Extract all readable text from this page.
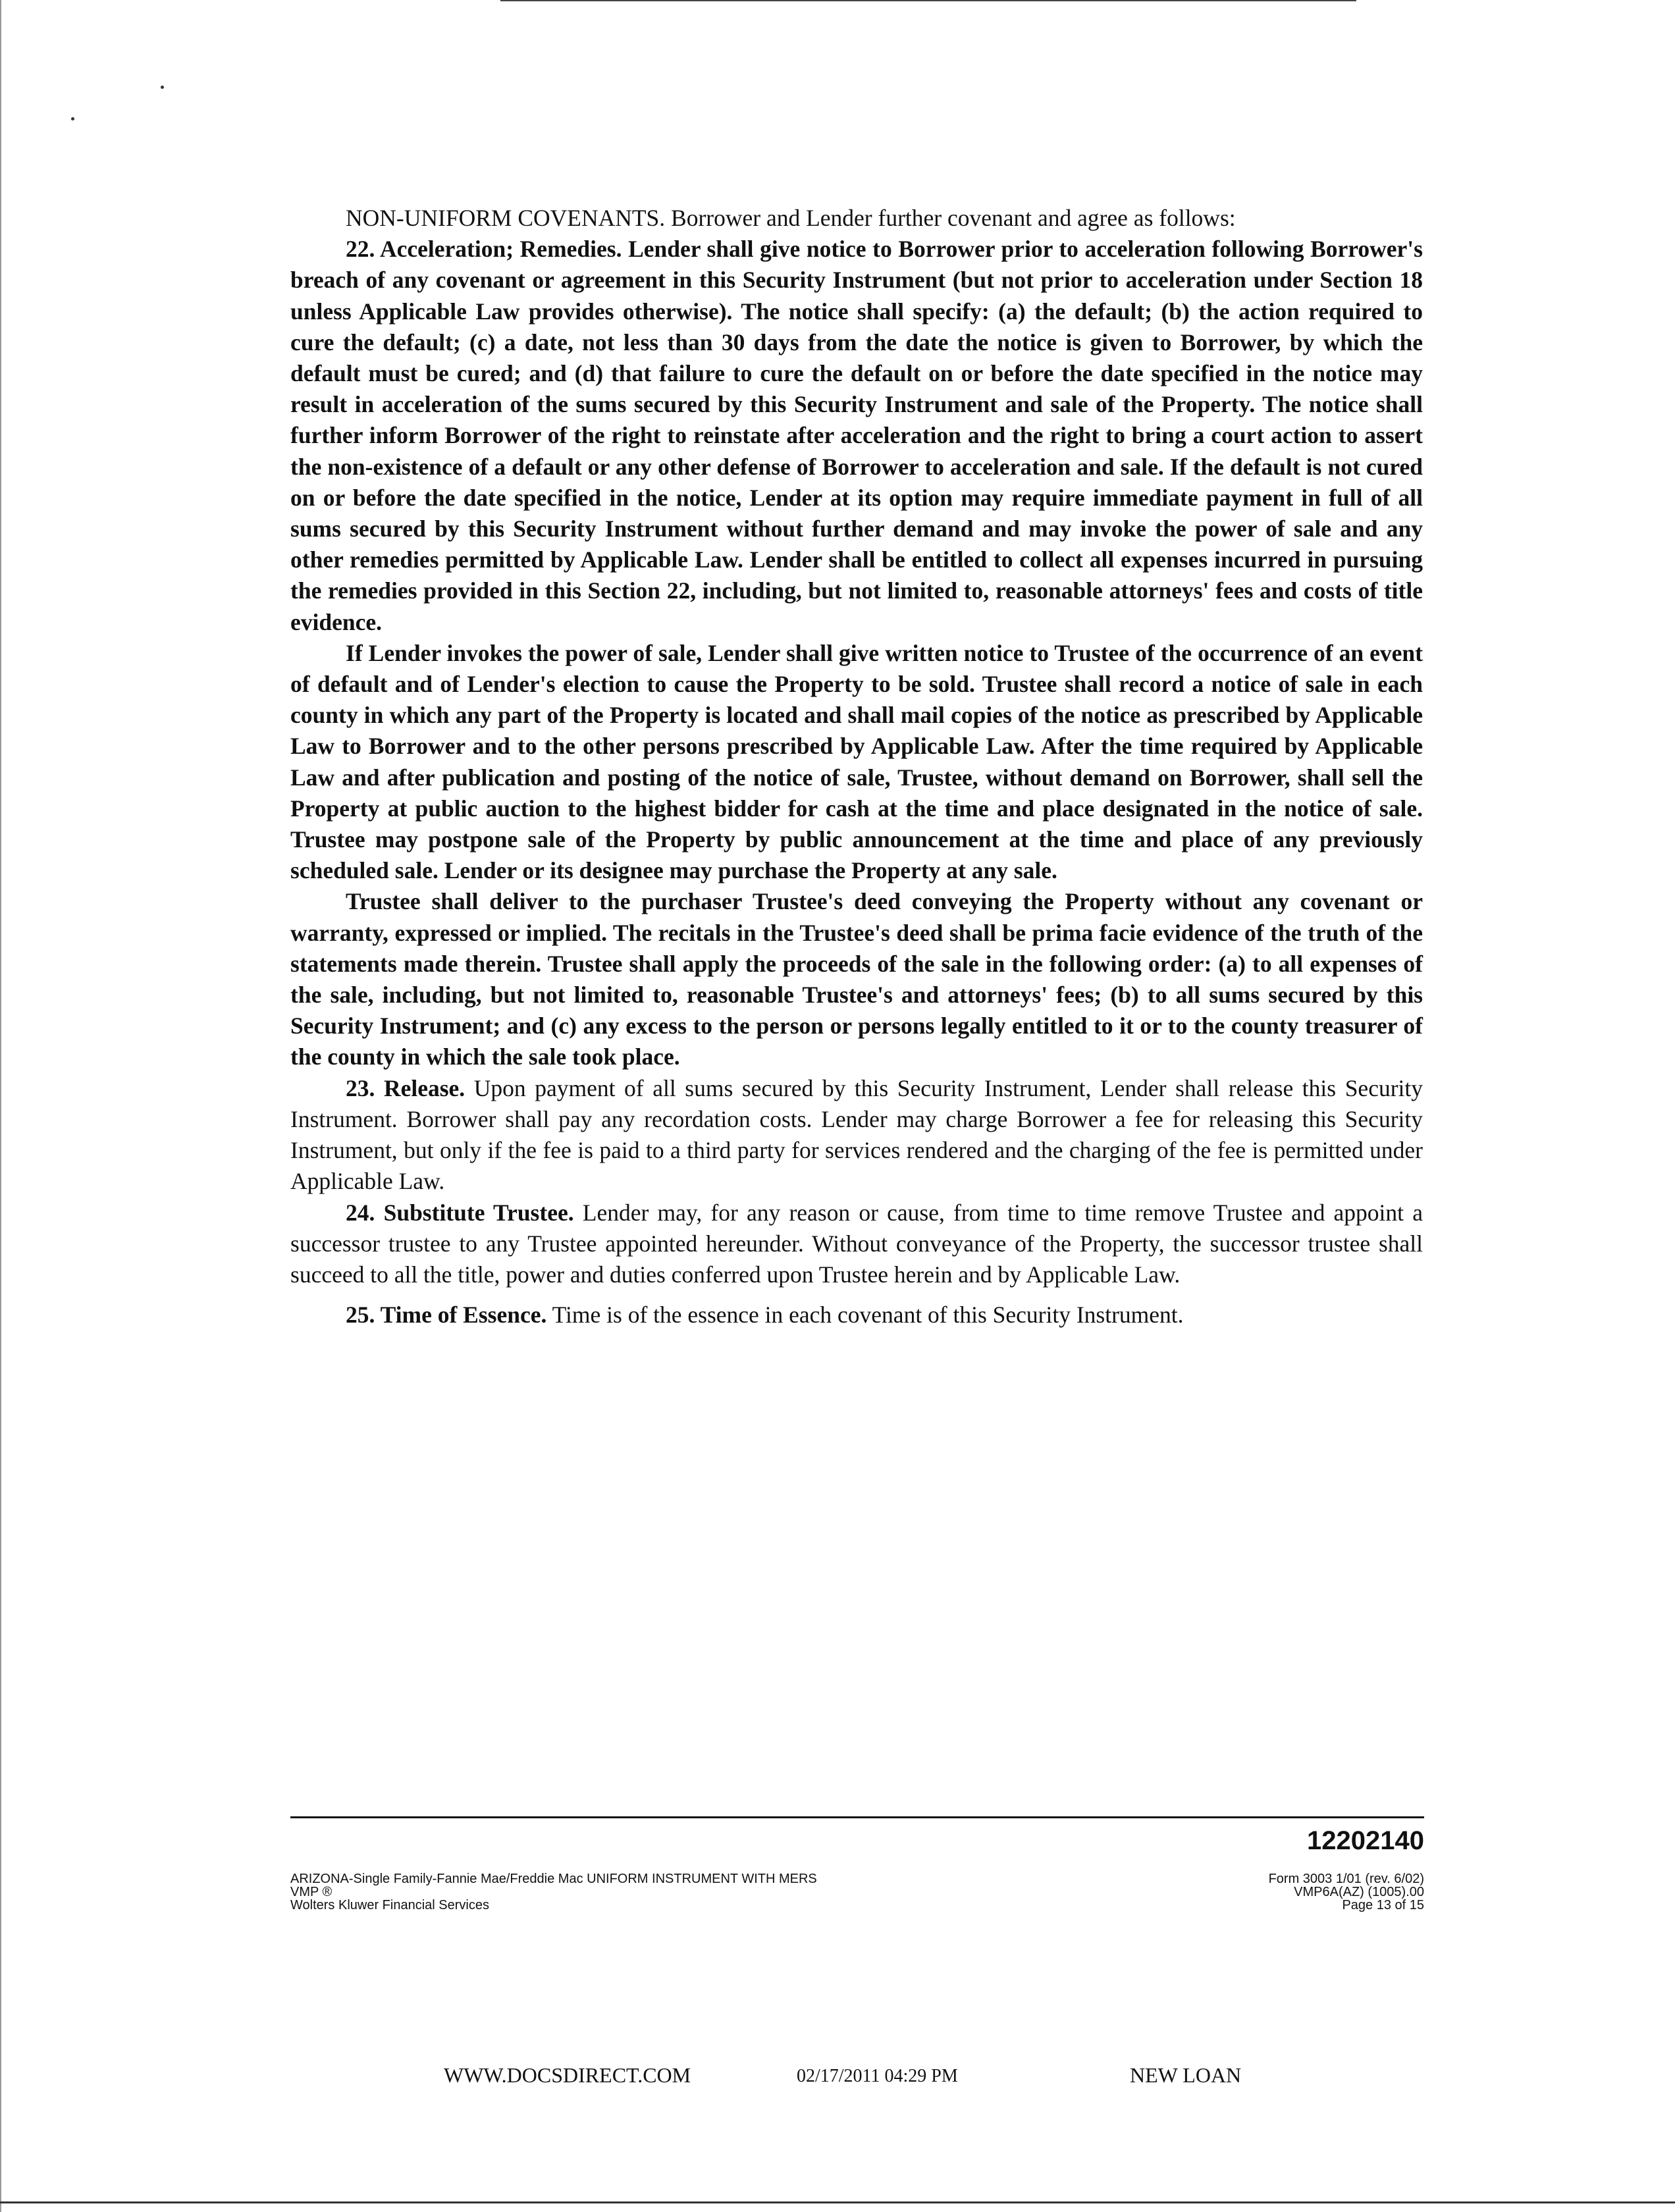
NON-UNIFORM COVENANTS. Borrower and Lender further covenant and agree as follows:

22. Acceleration; Remedies. Lender shall give notice to Borrower prior to acceleration following Borrower's breach of any covenant or agreement in this Security Instrument (but not prior to acceleration under Section 18 unless Applicable Law provides otherwise). The notice shall specify: (a) the default; (b) the action required to cure the default; (c) a date, not less than 30 days from the date the notice is given to Borrower, by which the default must be cured; and (d) that failure to cure the default on or before the date specified in the notice may result in acceleration of the sums secured by this Security Instrument and sale of the Property. The notice shall further inform Borrower of the right to reinstate after acceleration and the right to bring a court action to assert the non-existence of a default or any other defense of Borrower to acceleration and sale. If the default is not cured on or before the date specified in the notice, Lender at its option may require immediate payment in full of all sums secured by this Security Instrument without further demand and may invoke the power of sale and any other remedies permitted by Applicable Law. Lender shall be entitled to collect all expenses incurred in pursuing the remedies provided in this Section 22, including, but not limited to, reasonable attorneys' fees and costs of title evidence.

If Lender invokes the power of sale, Lender shall give written notice to Trustee of the occurrence of an event of default and of Lender's election to cause the Property to be sold. Trustee shall record a notice of sale in each county in which any part of the Property is located and shall mail copies of the notice as prescribed by Applicable Law to Borrower and to the other persons prescribed by Applicable Law. After the time required by Applicable Law and after publication and posting of the notice of sale, Trustee, without demand on Borrower, shall sell the Property at public auction to the highest bidder for cash at the time and place designated in the notice of sale. Trustee may postpone sale of the Property by public announcement at the time and place of any previously scheduled sale. Lender or its designee may purchase the Property at any sale.

Trustee shall deliver to the purchaser Trustee's deed conveying the Property without any covenant or warranty, expressed or implied. The recitals in the Trustee's deed shall be prima facie evidence of the truth of the statements made therein. Trustee shall apply the proceeds of the sale in the following order: (a) to all expenses of the sale, including, but not limited to, reasonable Trustee's and attorneys' fees; (b) to all sums secured by this Security Instrument; and (c) any excess to the person or persons legally entitled to it or to the county treasurer of the county in which the sale took place.

23. Release. Upon payment of all sums secured by this Security Instrument, Lender shall release this Security Instrument. Borrower shall pay any recordation costs. Lender may charge Borrower a fee for releasing this Security Instrument, but only if the fee is paid to a third party for services rendered and the charging of the fee is permitted under Applicable Law.

24. Substitute Trustee. Lender may, for any reason or cause, from time to time remove Trustee and appoint a successor trustee to any Trustee appointed hereunder. Without conveyance of the Property, the successor trustee shall succeed to all the title, power and duties conferred upon Trustee herein and by Applicable Law.

25. Time of Essence. Time is of the essence in each covenant of this Security Instrument.

12202140
ARIZONA-Single Family-Fannie Mae/Freddie Mac UNIFORM INSTRUMENT WITH MERS
VMP ®
Wolters Kluwer Financial Services
Form 3003 1/01 (rev. 6/02)
VMP6A(AZ) (1005).00
Page 13 of 15
WWW.DOCSDIRECT.COM	02/17/2011 04:29 PM	NEW LOAN
